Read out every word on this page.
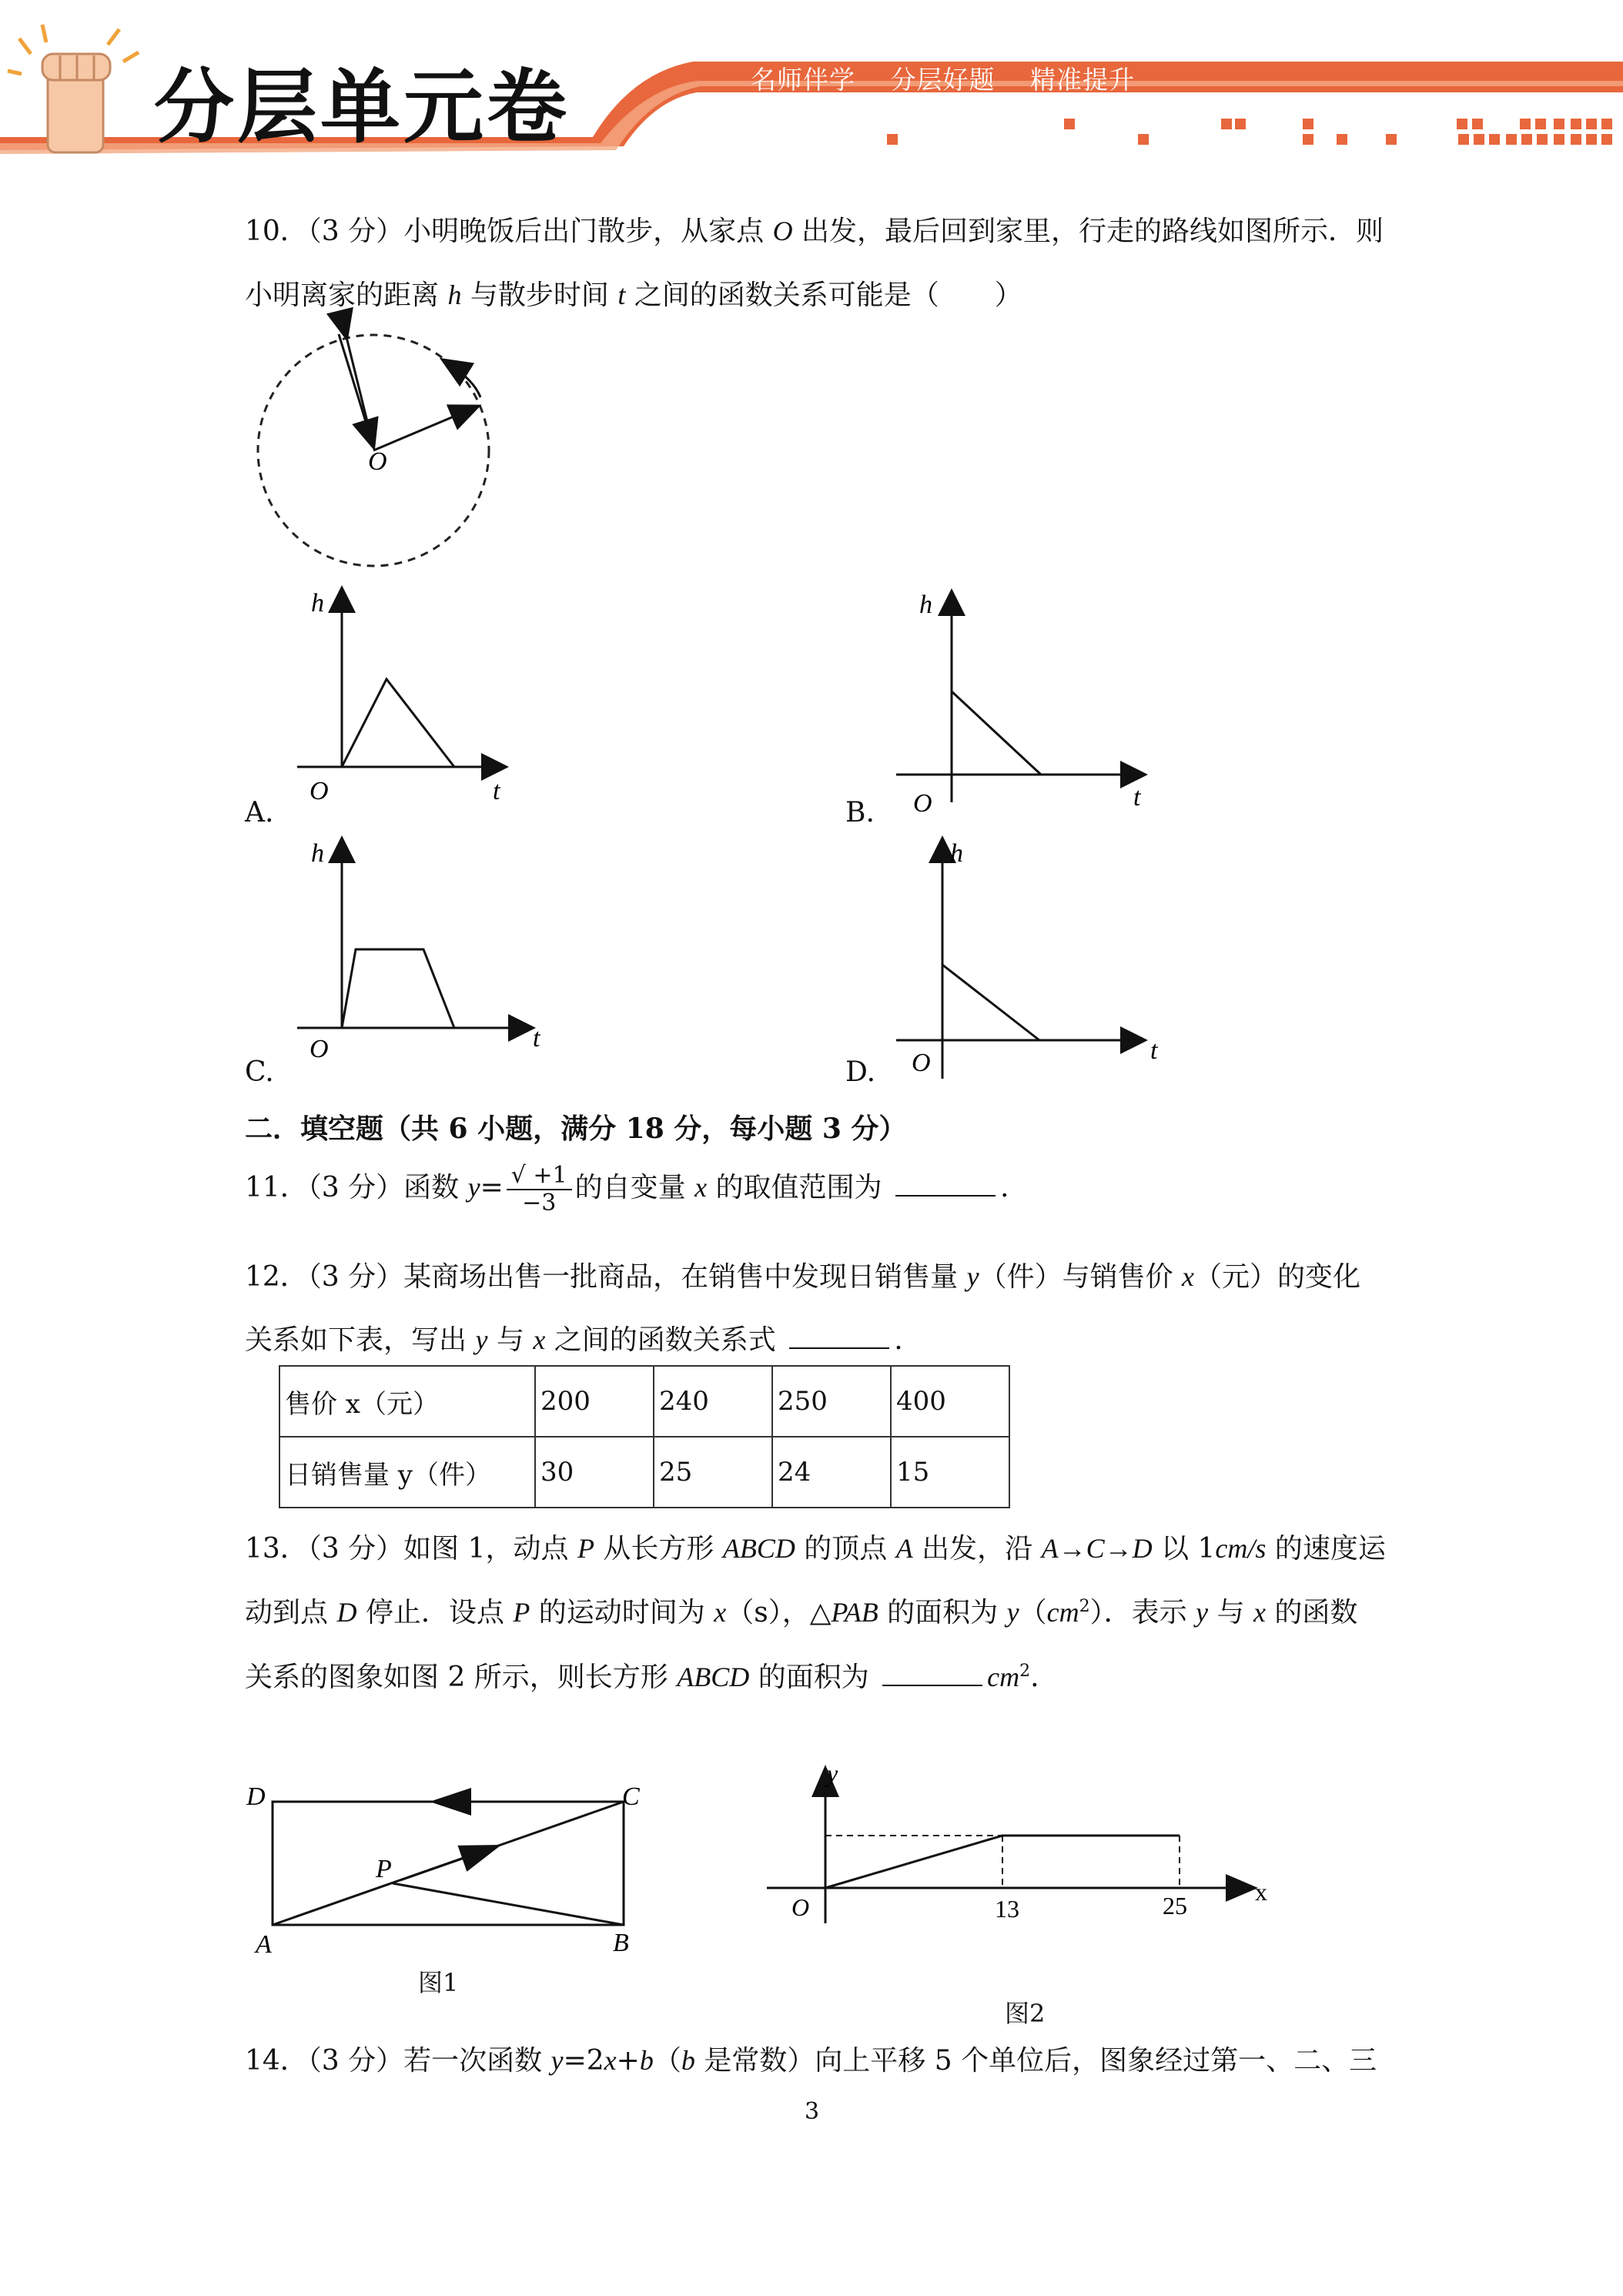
分层单元卷	名师伴学 分层好题 精准提升
10．（3 分）小明晚饭后出门散步，从家点 O 出发，最后回到家里，行走的路线如图所示．则
小明离家的距离 h 与散步时间 t 之间的函数关系可能是（　　）
O
h
O	t
A.
h
O	t
B.
h
O	t
C.
h
O	t
D.
二．填空题（共 6 小题，满分 18 分，每小题 3 分）
11．（3 分）函数 $y= \frac{√ +1}{-3}$ 的自变量 x 的取值范围为	.
12．（3 分）某商场出售一批商品，在销售中发现日销售量 y（件）与销售价 x（元）的变化
关系如下表，写出 y 与 x 之间的函数关系式	.
售价 x（元）	200	240	250	400
日销售量 y（件）	30	25	24	15
13．（3 分）如图 1，动点 P 从长方形 ABCD 的顶点 A 出发，沿 A→C→D 以 1cm/s 的速度运
动到点 D 停止．设点 P 的运动时间为 x（s），△PAB 的面积为 $y(cm^2)$．表示 y 与 x 的函数
关系的图象如图 2 所示，则长方形 ABCD 的面积为	$cm^2$.
D	C
P
A	B
图1
y
x
O	13	25
图2
14．（3 分）若一次函数 y=2x+b（b 是常数）向上平移 5 个单位后，图象经过第一、二、三
3
